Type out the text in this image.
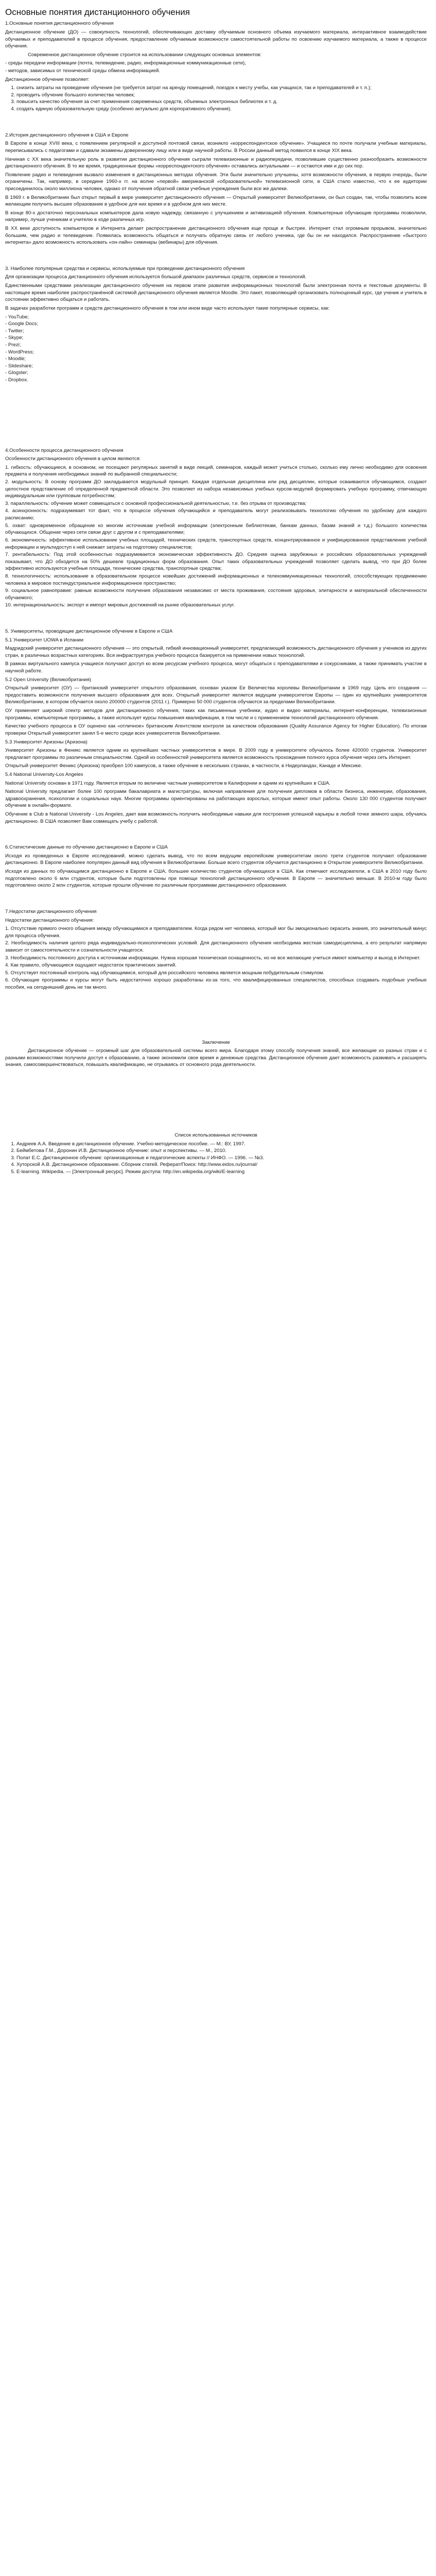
Основные понятия дистанционного обучения
1.Основные понятия дистанционного обучения

Дистанционное обучение (ДО) — совокупность технологий, обеспечивающих доставку обучаемым основного объема изучаемого материала, интерактивное взаимодействие обучаемых и преподавателей в процессе обучения, предоставление обучаемым возможности самостоятельной работы по освоению изучаемого материала, а также в процессе обучения.

Современное дистанционное обучение строится на использовании следующих основных элементов:

- среды передачи информации (почта, телевидение, радио, информационные коммуникационные сети),
- методов, зависимых от технической среды обмена информацией.

Дистанционное обучение позволяет:

1. снизить затраты на проведение обучения (не требуется затрат на аренду помещений, поездок к месту учебы, как учащихся, так и преподавателей и т. п.);
2. проводить обучение большого количества человек;
3. повысить качество обучения за счет применения современных средств, объемных электронных библиотек и т. д.
4. создать единую образовательную среду (особенно актуально для корпоративного обучения).
2.История дистанционного обучения в США и Европе

В Европе в конце XVIII века, с появлением регулярной и доступной почтовой связи, возникло «корреспондентское обучение». Учащиеся по почте получали учебные материалы, переписывались с педагогами и сдавали экзамены доверенному лицу или в виде научной работы. В России данный метод появился в конце XIX века.

Начиная с XX века значительную роль в развитии дистанционного обучения сыграли телевизионные и радиопередачи, позволившие существенно разнообразить возможности дистанционного обучения. В то же время, традиционные формы «корреспондентского обучения» оставались актуальными — и остаются ими и до сих пор.

Появление радио и телевидения вызвало изменения в дистанционных методах обучения. Эти были значительно улучшены, хотя возможности обучения, в первую очередь, были ограничены. Так, например, в середине 1960-х гг. на волне «первой» американской «образовательной» телевизионной сети, в США стало известно, что к ее аудитории присоединилось около миллиона человек, однако от получения обратной связи учебные учреждения были все же далеки.

В 1969 г. в Великобритании был открыт первый в мире университет дистанционного обучения — Открытый университет Великобритании, он был создан, так, чтобы позволить всем желающим получить высшее образование в удобное для них время и в удобном для них месте.

В конце 80-х достаточно персональных компьютеров дала новую надежду, связанную с улучшением и активизацией обучения. Компьютерные обучающие программы позволили, например, лучше ученикам и учителю в ходе различных игр.

В XX веке доступность компьютеров и Интернета делает распространение дистанционного обучения еще проще и быстрее. Интернет стал огромным прорывом, значительно большим, чем радио и телевидение. Появилась возможность общаться и получать обратную связь от любого ученика, где бы он ни находился. Распространение «быстрого интернета» дало возможность использовать «он-лайн» семинары (вебинары) для обучения.

3. Наиболее популярные средства и сервисы, используемые при проведении дистанционного обучения

Для организации процесса дистанционного обучения используется большой диапазон различных средств, сервисов и технологий.

Единственными средствами реализации дистанционного обучения на первом этапе развития информационных технологий были электронная почта и текстовые документы. В настоящее время наиболее распространённой системой дистанционного обучения является Moodle. Это пакет, позволяющий организовать полноценный курс, где ученик и учитель в состоянии эффективно общаться и работать.

В задачах разработки программ и средств дистанционного обучения в том или ином виде часто используют такие популярные сервисы, как:

- YouTube;
- Google Docs;
- Twitter;
- Skype;
- Prezi;
- WordPress;
- Moodle;
- Slideshare;
- Glogster;
- Dropbox.
4.Особенности процесса дистанционного обучения

Особенности дистанционного обучения в целом являются:

1. гибкость: обучающиеся, в основном, не посещают регулярных занятий в виде лекций, семинаров, каждый может учиться столько, сколько ему лично необходимо для освоения предмета и получения необходимых знаний по выбранной специальности;
2. модульность: В основу программ ДО закладывается модульный принцип. Каждая отдельная дисциплина или ряд дисциплин, которые осваиваются обучающимся, создают целостное представление об определенной предметной области. Это позволяет из набора независимых учебных курсов-модулей формировать учебную программу, отвечающую индивидуальным или групповым потребностям;
3. параллельность: обучение может совмещаться с основной профессиональной деятельностью, т.е. без отрыва от производства;
4. асинхронность: подразумевает тот факт, что в процессе обучения обучающийся и преподаватель могут реализовывать технологию обучения по удобному для каждого расписанию;
5. охват: одновременное обращение ко многим источникам учебной информации (электронным библиотекам, банкам данных, базам знаний и т.д.) большого количества обучающихся. Общение через сети связи друг с другом и с преподавателями;
6. экономичность: эффективное использование учебных площадей, технических средств, транспортных средств, концентрированное и унифицированное представление учебной информации и мультидоступ к ней снижает затраты на подготовку специалистов;
7. рентабельность: Под этой особенностью подразумевается экономическая эффективность ДО. Средняя оценка зарубежных и российских образовательных учреждений показывает, что ДО обходится на 50% дешевле традиционных форм образования. Опыт таких образовательных учреждений позволяет сделать вывод, что при ДО более эффективно используются учебные площади, технические средства, транспортные средства;
8. технологичность: использование в образовательном процессе новейших достижений информационных и телекоммуникационных технологий, способствующих продвижению человека в мировое постиндустриальное информационное пространство;
9. социальное равноправие: равные возможности получения образования независимо от места проживания, состояния здоровья, элитарности и материальной обеспеченности обучаемого;
10. интернациональность: экспорт и импорт мировых достижений на рынке образовательных услуг.
5. Университеты, проводящие дистанционное обучение в Европе и США
5.1 Университет UOWA в Испании

Мадридский университет дистанционного обучения — это открытый, гибкий инновационный университет, предлагающий возможность дистанционного обучения у учеников из других стран, в различных возрастных категориях. Вся инфраструктура учебного процесса базируется на применении новых технологий.

В рамках виртуального кампуса учащиеся получают доступ ко всем ресурсам учебного процесса, могут общаться с преподавателями и сокурсниками, а также принимать участие в научной работе.

5.2 Open University (Великобритания)

Открытый университет (ОУ) — британский университет открытого образования, основан указом Ее Величества королевы Великобритании в 1969 году. Цель его создания — предоставить возможности получения высшего образования для всех. Открытый университет является ведущим университетом Европы — один из крупнейших университетов Великобритании, в котором обучается около 200000 студентов (2011 г.). Примерно 50 000 студентов обучаются за пределами Великобритании.

ОУ применяет широкий спектр методов для дистанционного обучения, таких как письменные учебники, аудио и видео материалы, интернет-конференции, телевизионные программы, компьютерные программы, а также использует курсы повышения квалификации, в том числе и с применением технологий дистанционного обучения.

Качество учебного процесса в ОУ оценено как «отличное» британским Агентством контроля за качеством образования (Quality Assurance Agency for Higher Education). По итогам проверки Открытый университет занял 5-е место среди всех университетов Великобритании.

5.3 Университет Аризоны (Аризона)

Университет Аризоны в Феникс является одним из крупнейших частных университетов в мире. В 2009 году в университете обучалось более 420000 студентов. Университет предлагает программы по различным специальностям. Одной из особенностей университета является возможность прохождения полного курса обучения через сеть Интернет.

Открытый университет Феникс (Аризона) приобрел 100 кампусов, а также обучение в нескольких странах, в частности, в Нидерландах, Канаде и Мексике.

5.4 National University-Los Angeles

National University основан в 1971 году. Является вторым по величине частным университетом в Калифорнии и одним из крупнейших в США.

National University предлагает более 100 программ бакалавриата и магистратуры, включая направления для получения дипломов в области бизнеса, инженерии, образования, здравоохранения, психологии и социальных наук. Многие программы ориентированы на работающих взрослых, которые имеют опыт работы. Около 130 000 студентов получают обучение в онлайн-формате.

Обучение в Club в National University - Los Angeles, дает вам возможность получить необходимые навыки для построения успешной карьеры в любой точке земного шара, обучаясь дистанционно. В США позволяет Вам совмещать учебу с работой.

6.Статистические данные по обучению дистанционно в Европе и США

Исходя из проведенных в Европе исследований, можно сделать вывод, что по всем ведущим европейским университетам около трети студентов получают образование дистанционно. В Европе наиболее популярен данный вид обучения в Великобритании. Больше всего студентов обучается дистанционно в Открытом университете Великобритании.

Исходя из данных по обучающимся дистанционно в Европе и США, большее количество студентов обучающихся в США. Как отмечают исследователи, в США в 2010 году было подготовлено около 6 млн студентов, которые были подготовлены при помощи технологий дистанционного обучения. В Европе — значительно меньше. В 2010-м году было подготовлено около 2 млн студентов, которые прошли обучение по различным программам дистанционного образования.

7.Недостатки дистанционного обучения

Недостатки дистанционного обучения:

1. Отсутствие прямого очного общения между обучающимися и преподавателем. Когда рядом нет человека, который мог бы эмоционально окрасить знания, это значительный минус для процесса обучения.
2. Необходимость наличия целого ряда индивидуально-психологических условий. Для дистанционного обучения необходима жесткая самодисциплина, а его результат напрямую зависит от самостоятельности и сознательности учащегося.
3. Необходимость постоянного доступа к источникам информации. Нужна хорошая техническая оснащенность, но не все желающие учиться имеют компьютер и выход в Интернет.
4. Как правило, обучающиеся ощущают недостаток практических занятий.
5. Отсутствует постоянный контроль над обучающимися, который для российского человека является мощным побудительным стимулом.
6. Обучающие программы и курсы могут быть недостаточно хорошо разработаны из-за того, что квалифицированных специалистов, способных создавать подобные учебные пособия, на сегодняшний день не так много.
Заключение

Дистанционное обучение — огромный шаг для образовательной системы всего мира. Благодаря этому способу получения знаний, все желающие из разных стран и с разными возможностями получили доступ к образованию, а также экономили свое время и денежные средства. Дистанционное обучение дает возможность развивать и расширять знания, самосовершенствоваться, повышать квалификацию, не отрываясь от основного рода деятельности.

Список использованных источников
1. Андреев А.А. Введение в дистанционное обучение. Учебно-методическое пособие. — М.: ВУ, 1997.
2. Беймбетова Г.М., Доронин И.В. Дистанционное обучение: опыт и перспективы. — М., 2010.
3. Полат Е.С. Дистанционное обучение: организационные и педагогические аспекты // ИНФО. — 1996. — №3.
4. Хуторской А.В. Дистанционное образование. Сборник статей. Реферат/Поиск: http://www.eidos.ru/journal/
5. E-learning. Wikipedia. — [Электронный ресурс]. Режим доступа: http://en.wikipedia.org/wiki/E-learning
